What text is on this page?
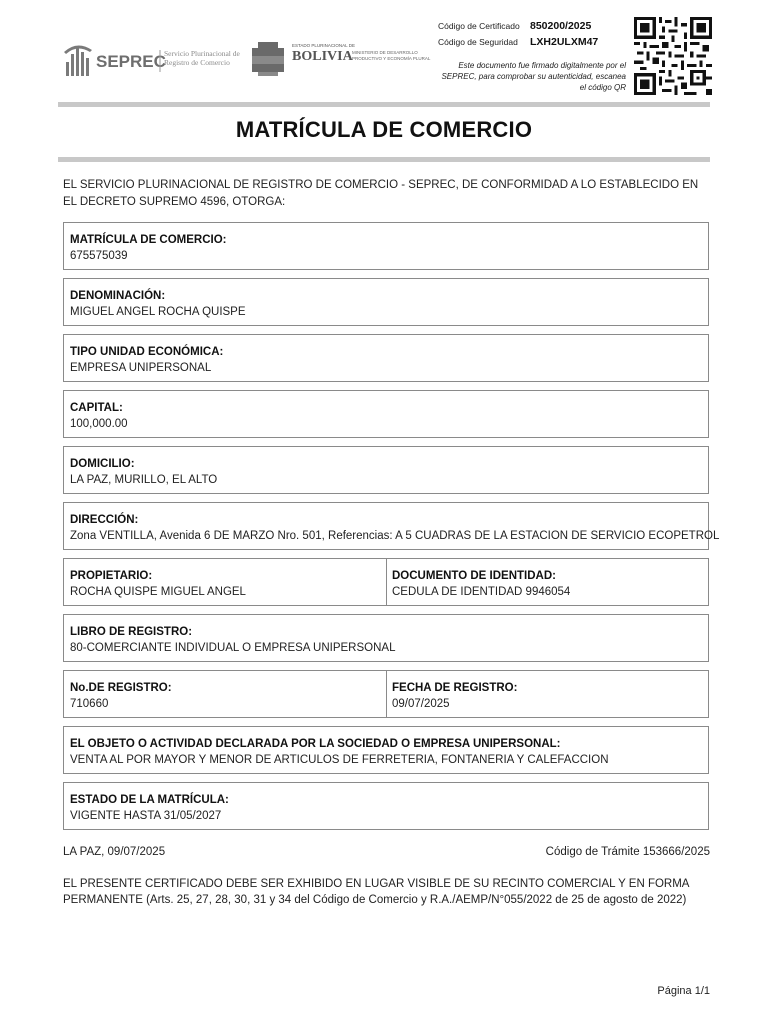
SEPREC
Servicio Plurinacional de Registro de Comercio
ESTADO PLURINACIONAL DE
BOLIVIA MINISTERIO DE DESARROLLO PRODUCTIVO Y ECONOMÍA PLURAL
Código de Certificado 850200/2025
Código de Seguridad	LXH2ULXM47
Este documento fue firmado digitalmente por el SEPREC, para comprobar su autenticidad, escanea el código QR
MATRÍCULA DE COMERCIO
EL SERVICIO PLURINACIONAL DE REGISTRO DE COMERCIO - SEPREC, DE CONFORMIDAD A LO ESTABLECIDO EN EL DECRETO SUPREMO 4596, OTORGA:
MATRÍCULA DE COMERCIO:
675575039
DENOMINACIÓN:
MIGUEL ANGEL ROCHA QUISPE
TIPO UNIDAD ECONÓMICA:
EMPRESA UNIPERSONAL
CAPITAL:
100,000.00
DOMICILIO:
LA PAZ, MURILLO, EL ALTO
DIRECCIÓN:
Zona VENTILLA, Avenida 6 DE MARZO Nro. 501, Referencias: A 5 CUADRAS DE LA ESTACION DE SERVICIO ECOPETROL
PROPIETARIO:
ROCHA QUISPE MIGUEL ANGEL
DOCUMENTO DE IDENTIDAD:
CEDULA DE IDENTIDAD 9946054
LIBRO DE REGISTRO:
80-COMERCIANTE INDIVIDUAL O EMPRESA UNIPERSONAL
No.DE REGISTRO:
710660
FECHA DE REGISTRO:
09/07/2025
EL OBJETO O ACTIVIDAD DECLARADA POR LA SOCIEDAD O EMPRESA UNIPERSONAL:
VENTA AL POR MAYOR Y MENOR DE ARTICULOS DE FERRETERIA, FONTANERIA Y CALEFACCION
ESTADO DE LA MATRÍCULA:
VIGENTE HASTA 31/05/2027
LA PAZ, 09/07/2025	Código de Trámite 153666/2025
EL PRESENTE CERTIFICADO DEBE SER EXHIBIDO EN LUGAR VISIBLE DE SU RECINTO COMERCIAL Y EN FORMA PERMANENTE (Arts. 25, 27, 28, 30, 31 y 34 del Código de Comercio y R.A./AEMP/N°055/2022 de 25 de agosto de 2022)
Página 1/1
